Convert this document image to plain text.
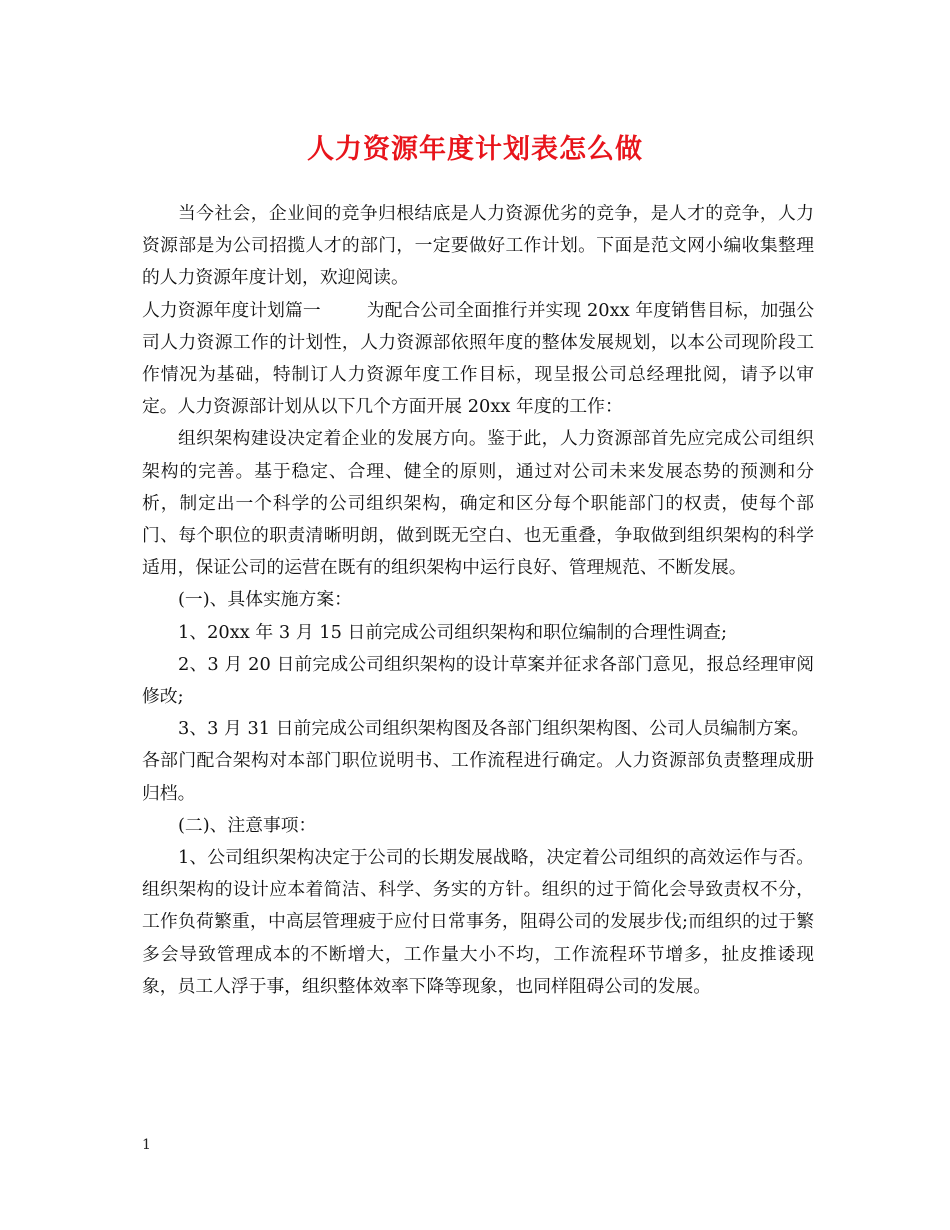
人力资源年度计划表怎么做

当今社会，企业间的竞争归根结底是人力资源优劣的竞争，是人才的竞争，人力资源部是为公司招揽人才的部门，一定要做好工作计划。下面是范文网小编收集整理的人力资源年度计划，欢迎阅读。

人力资源年度计划篇一	为配合公司全面推行并实现 20xx 年度销售目标，加强公司人力资源工作的计划性，人力资源部依照年度的整体发展规划，以本公司现阶段工作情况为基础，特制订人力资源年度工作目标，现呈报公司总经理批阅，请予以审定。人力资源部计划从以下几个方面开展 20xx 年度的工作：

组织架构建设决定着企业的发展方向。鉴于此，人力资源部首先应完成公司组织架构的完善。基于稳定、合理、健全的原则，通过对公司未来发展态势的预测和分析，制定出一个科学的公司组织架构，确定和区分每个职能部门的权责，使每个部门、每个职位的职责清晰明朗，做到既无空白、也无重叠，争取做到组织架构的科学适用，保证公司的运营在既有的组织架构中运行良好、管理规范、不断发展。

(一)、具体实施方案：

1、20xx 年 3 月 15 日前完成公司组织架构和职位编制的合理性调查;

2、3 月 20 日前完成公司组织架构的设计草案并征求各部门意见，报总经理审阅修改;

3、3 月 31 日前完成公司组织架构图及各部门组织架构图、公司人员编制方案。

各部门配合架构对本部门职位说明书、工作流程进行确定。人力资源部负责整理成册归档。

(二)、注意事项：

1、公司组织架构决定于公司的长期发展战略，决定着公司组织的高效运作与否。组织架构的设计应本着简洁、科学、务实的方针。组织的过于简化会导致责权不分，工作负荷繁重，中高层管理疲于应付日常事务，阻碍公司的发展步伐;而组织的过于繁多会导致管理成本的不断增大，工作量大小不均，工作流程环节增多，扯皮推诿现象，员工人浮于事，组织整体效率下降等现象，也同样阻碍公司的发展。

1
